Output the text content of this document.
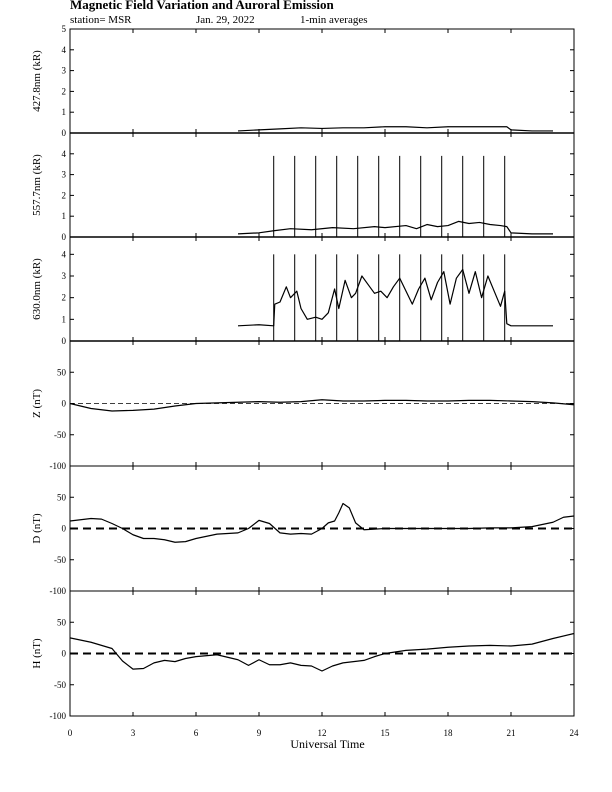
Magnetic Field Variation and Auroral Emission
station= MSR	Jan. 29, 2022	1-min averages
0
1
2
3
4
5
427.8nm (kR)
0
1
2
3
4
557.7nm (kR)
0
1
2
3
4
630.0nm (kR)
-100
-50
0
50
Z (nT)
-100
-50
0
50
D (nT)
-100
-50
0
50
H (nT)
0	3	6	9	12	15	18	21	24
Universal Time
